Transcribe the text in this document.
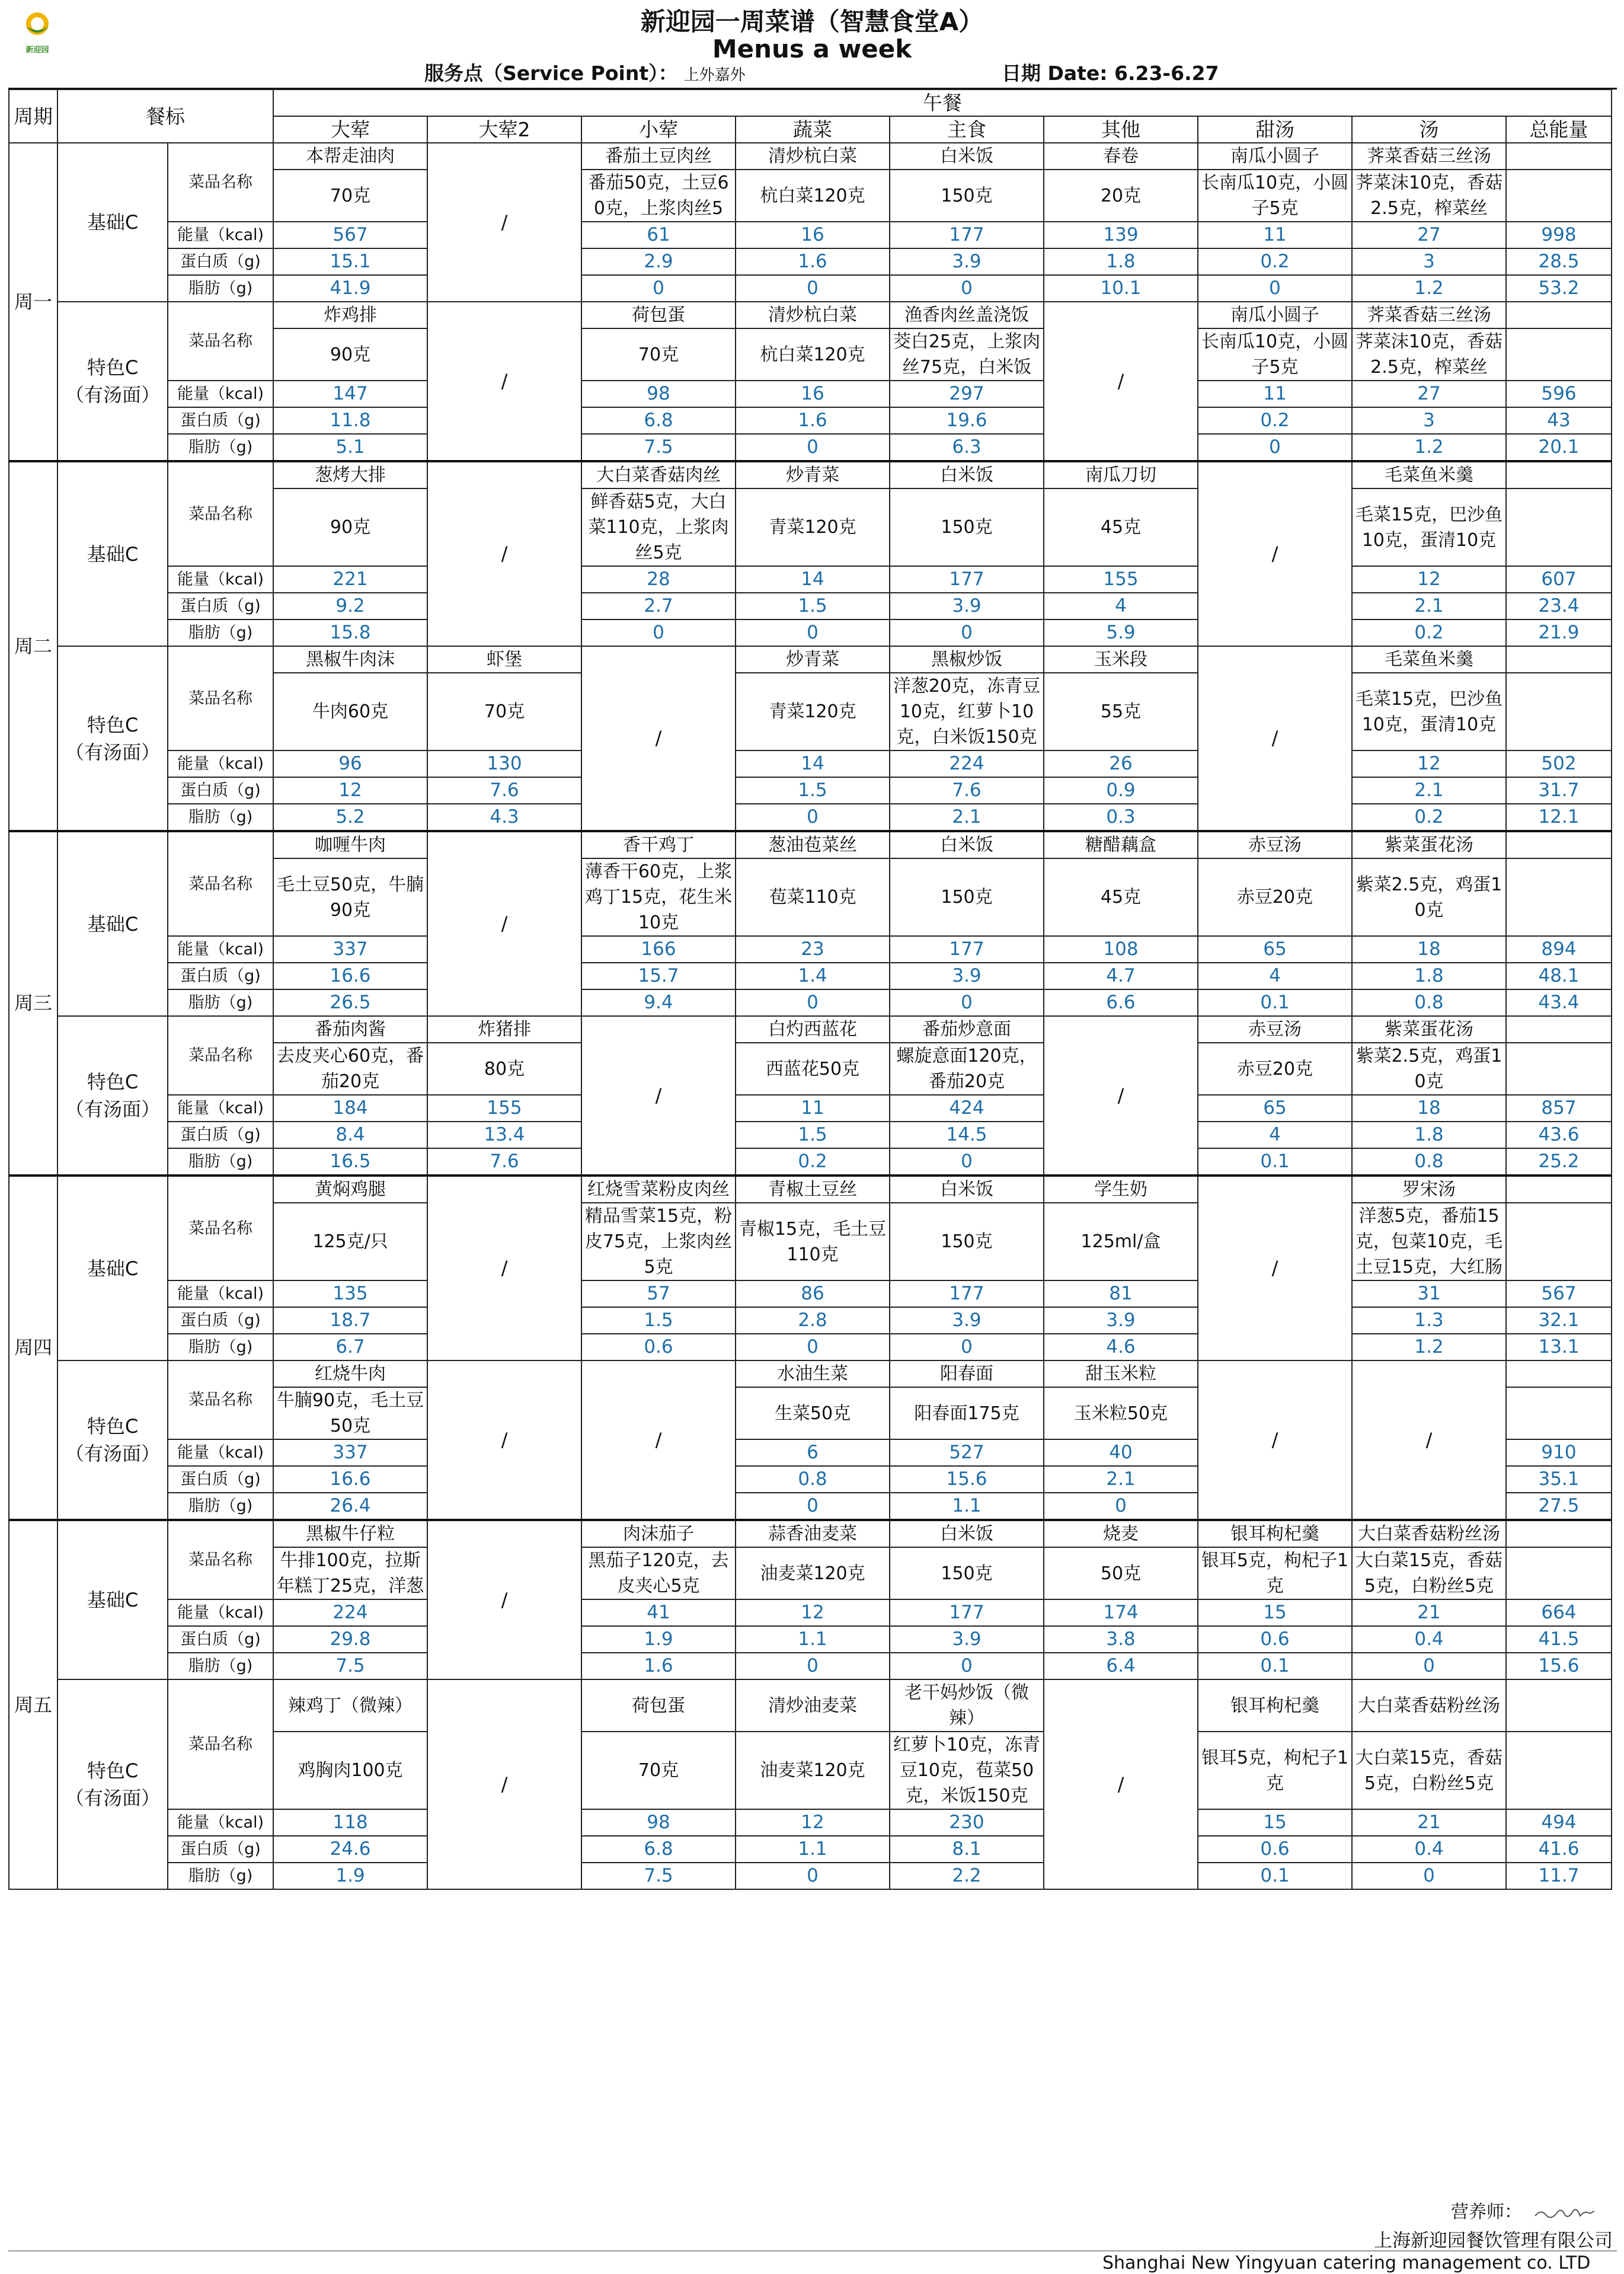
新迎园
新迎园一周菜谱（智慧食堂A）
Menus a week
服务点（Service Point）： 上外嘉外	日期 Date: 6.23-6.27
周期	餐标		午餐								
			大荤	大荤2	小荤	蔬菜	主食	其他	甜汤	汤	总能量
周一	基础C	菜品名称	本帮走油肉	/	番茄土豆肉丝	清炒杭白菜	白米饭	春卷	南瓜小圆子	荠菜香菇三丝汤	
			70克		番茄50克，土豆60克，上浆肉丝5	杭白菜120克	150克	20克	长南瓜10克，小圆子5克	荠菜沫10克，香菇2.5克，榨菜丝	
		能量（kcal)	567		61	16	177	139	11	27	998
		蛋白质（g)	15.1		2.9	1.6	3.9	1.8	0.2	3	28.5
		脂肪（g)	41.9		0	0	0	10.1	0	1.2	53.2

	特色C
（有汤面）	菜品名称	炸鸡排	/	荷包蛋	清炒杭白菜	渔香肉丝盖浇饭	/	南瓜小圆子	荠菜香菇三丝汤	
			90克		70克	杭白菜120克	茭白25克，上浆肉丝75克，白米饭		长南瓜10克，小圆子5克	荠菜沫10克，香菇2.5克，榨菜丝	
		能量（kcal)	147		98	16	297		11	27	596
		蛋白质（g)	11.8		6.8	1.6	19.6		0.2	3	43
		脂肪（g)	5.1		7.5	0	6.3		0	1.2	20.1
周二	基础C	菜品名称	葱烤大排	/	大白菜香菇肉丝	炒青菜	白米饭	南瓜刀切	/	毛菜鱼米羹	
			90克		鲜香菇5克，大白菜110克，上浆肉丝5克	青菜120克	150克	45克		毛菜15克，巴沙鱼10克，蛋清10克	
		能量（kcal)	221		28	14	177	155		12	607
		蛋白质（g)	9.2		2.7	1.5	3.9	4		2.1	23.4
		脂肪（g)	15.8		0	0	0	5.9		0.2	21.9

	特色C
（有汤面）	菜品名称	黑椒牛肉沫	虾堡	/	炒青菜	黑椒炒饭	玉米段	/	毛菜鱼米羹	
			牛肉60克	70克		青菜120克	洋葱20克，冻青豆10克，红萝卜10克，白米饭150克	55克		毛菜15克，巴沙鱼10克，蛋清10克	
		能量（kcal)	96	130		14	224	26		12	502
		蛋白质（g)	12	7.6		1.5	7.6	0.9		2.1	31.7
		脂肪（g)	5.2	4.3		0	2.1	0.3		0.2	12.1
周三	基础C	菜品名称	咖喱牛肉	/	香干鸡丁	葱油苞菜丝	白米饭	糖醋藕盒	赤豆汤	紫菜蛋花汤	
			毛土豆50克，牛腩90克		薄香干60克，上浆鸡丁15克，花生米10克	苞菜110克	150克	45克	赤豆20克	紫菜2.5克，鸡蛋10克	
		能量（kcal)	337		166	23	177	108	65	18	894
		蛋白质（g)	16.6		15.7	1.4	3.9	4.7	4	1.8	48.1
		脂肪（g)	26.5		9.4	0	0	6.6	0.1	0.8	43.4

	特色C
（有汤面）	菜品名称	番茄肉酱	炸猪排	/	白灼西蓝花	番茄炒意面	/	赤豆汤	紫菜蛋花汤	
			去皮夹心60克，番茄20克	80克		西蓝花50克	螺旋意面120克，番茄20克		赤豆20克	紫菜2.5克，鸡蛋10克	
		能量（kcal)	184	155		11	424		65	18	857
		蛋白质（g)	8.4	13.4		1.5	14.5		4	1.8	43.6
		脂肪（g)	16.5	7.6		0.2	0		0.1	0.8	25.2
周四	基础C	菜品名称	黄焖鸡腿	/	红烧雪菜粉皮肉丝	青椒土豆丝	白米饭	学生奶	/	罗宋汤	
			125克/只		精品雪菜15克，粉皮75克，上浆肉丝5克	青椒15克，毛土豆110克	150克	125ml/盒		洋葱5克，番茄15克，包菜10克，毛土豆15克，大红肠	
		能量（kcal)	135		57	86	177	81		31	567
		蛋白质（g)	18.7		1.5	2.8	3.9	3.9		1.3	32.1
		脂肪（g)	6.7		0.6	0	0	4.6		1.2	13.1

	特色C
（有汤面）	菜品名称	红烧牛肉	/	/	水油生菜	阳春面	甜玉米粒	/	/	
			牛腩90克，毛土豆50克			生菜50克	阳春面175克	玉米粒50克			
		能量（kcal)	337			6	527	40			910
		蛋白质（g)	16.6			0.8	15.6	2.1			35.1
		脂肪（g)	26.4			0	1.1	0			27.5
周五	基础C	菜品名称	黑椒牛仔粒	/	肉沫茄子	蒜香油麦菜	白米饭	烧麦	银耳枸杞羹	大白菜香菇粉丝汤	
			牛排100克，拉斯年糕丁25克，洋葱		黑茄子120克，去皮夹心5克	油麦菜120克	150克	50克	银耳5克，枸杞子1克	大白菜15克，香菇5克，白粉丝5克	
		能量（kcal)	224		41	12	177	174	15	21	664
		蛋白质（g)	29.8		1.9	1.1	3.9	3.8	0.6	0.4	41.5
		脂肪（g)	7.5		1.6	0	0	6.4	0.1	0	15.6

	特色C
（有汤面）	菜品名称	辣鸡丁（微辣）	/	荷包蛋	清炒油麦菜	老干妈炒饭（微辣）	/	银耳枸杞羹	大白菜香菇粉丝汤	
			鸡胸肉100克		70克	油麦菜120克	红萝卜10克，冻青豆10克，苞菜50克，米饭150克		银耳5克，枸杞子1克	大白菜15克，香菇5克，白粉丝5克	
		能量（kcal)	118		98	12	230		15	21	494
		蛋白质（g)	24.6		6.8	1.1	8.1		0.6	0.4	41.6
		脂肪（g)	1.9		7.5	0	2.2		0.1	0	11.7
营养师：
上海新迎园餐饮管理有限公司
Shanghai New Yingyuan catering management co. LTD
